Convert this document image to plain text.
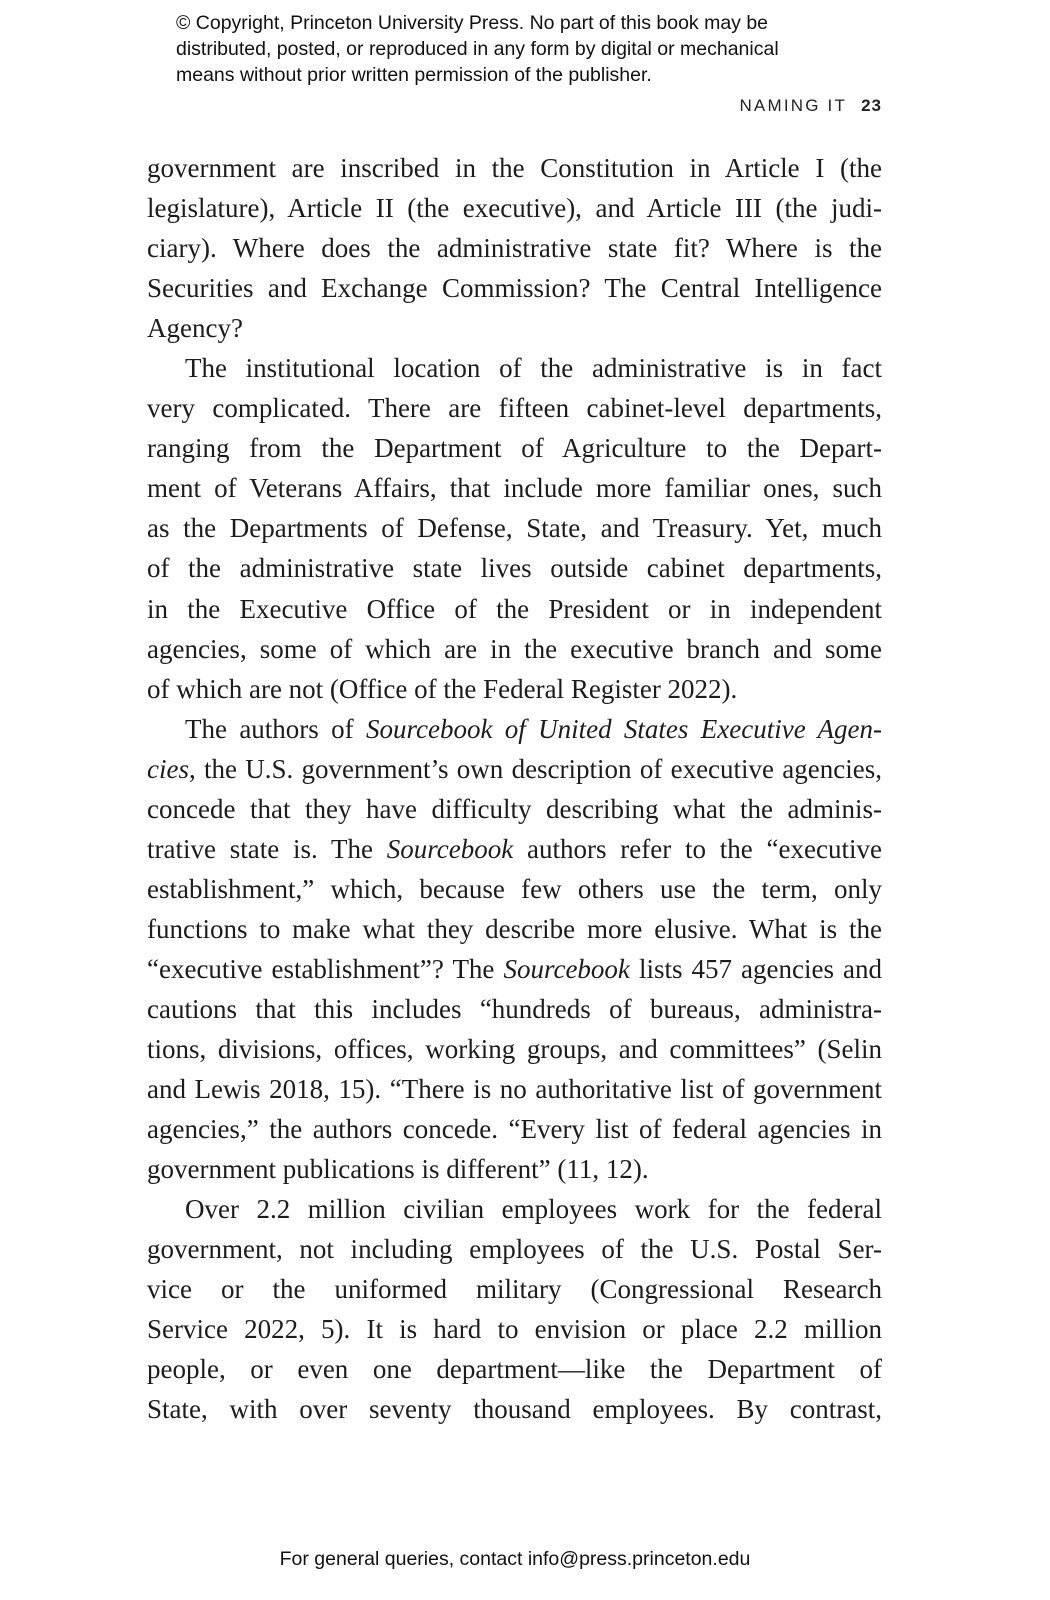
© Copyright, Princeton University Press. No part of this book may be
distributed, posted, or reproduced in any form by digital or mechanical
means without prior written permission of the publisher.
NAMING IT 23
government are inscribed in the Constitution in Article I (the
legislature), Article II (the executive), and Article III (the judi-
ciary). Where does the administrative state fit? Where is the
Securities and Exchange Commission? The Central Intelligence
Agency?
The institutional location of the administrative is in fact
very complicated. There are fifteen cabinet-level departments,
ranging from the Department of Agriculture to the Depart-
ment of Veterans Affairs, that include more familiar ones, such
as the Departments of Defense, State, and Treasury. Yet, much
of the administrative state lives outside cabinet departments,
in the Executive Office of the President or in independent
agencies, some of which are in the executive branch and some
of which are not (Office of the Federal Register 2022).
The authors of Sourcebook of United States Executive Agen-
cies, the U.S. government’s own description of executive agencies,
concede that they have difficulty describing what the adminis-
trative state is. The Sourcebook authors refer to the “executive
establishment,” which, because few others use the term, only
functions to make what they describe more elusive. What is the
“executive establishment”? The Sourcebook lists 457 agencies and
cautions that this includes “hundreds of bureaus, administra-
tions, divisions, offices, working groups, and committees” (Selin
and Lewis 2018, 15). “There is no authoritative list of government
agencies,” the authors concede. “Every list of federal agencies in
government publications is different” (11, 12).
Over 2.2 million civilian employees work for the federal
government, not including employees of the U.S. Postal Ser-
vice or the uniformed military (Congressional Research
Service 2022, 5). It is hard to envision or place 2.2 million
people, or even one department—like the Department of
State, with over seventy thousand employees. By contrast,
For general queries, contact info@press.princeton.edu
